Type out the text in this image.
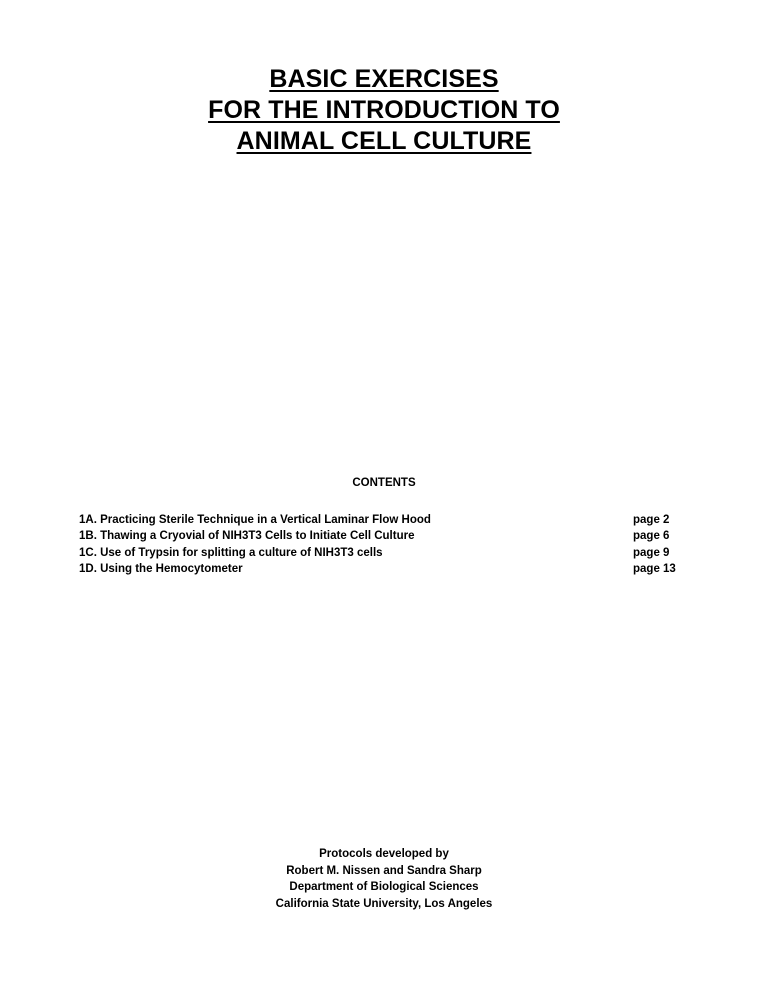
BASIC EXERCISES
FOR THE INTRODUCTION TO
ANIMAL CELL CULTURE
CONTENTS
1A. Practicing Sterile Technique in a Vertical Laminar Flow Hood	page 2
1B. Thawing a Cryovial of NIH3T3 Cells to Initiate Cell Culture	page 6
1C. Use of Trypsin for splitting a culture of NIH3T3 cells	page 9
1D. Using the Hemocytometer	page 13
Protocols developed by
Robert M. Nissen and Sandra Sharp
Department of Biological Sciences
California State University, Los Angeles
